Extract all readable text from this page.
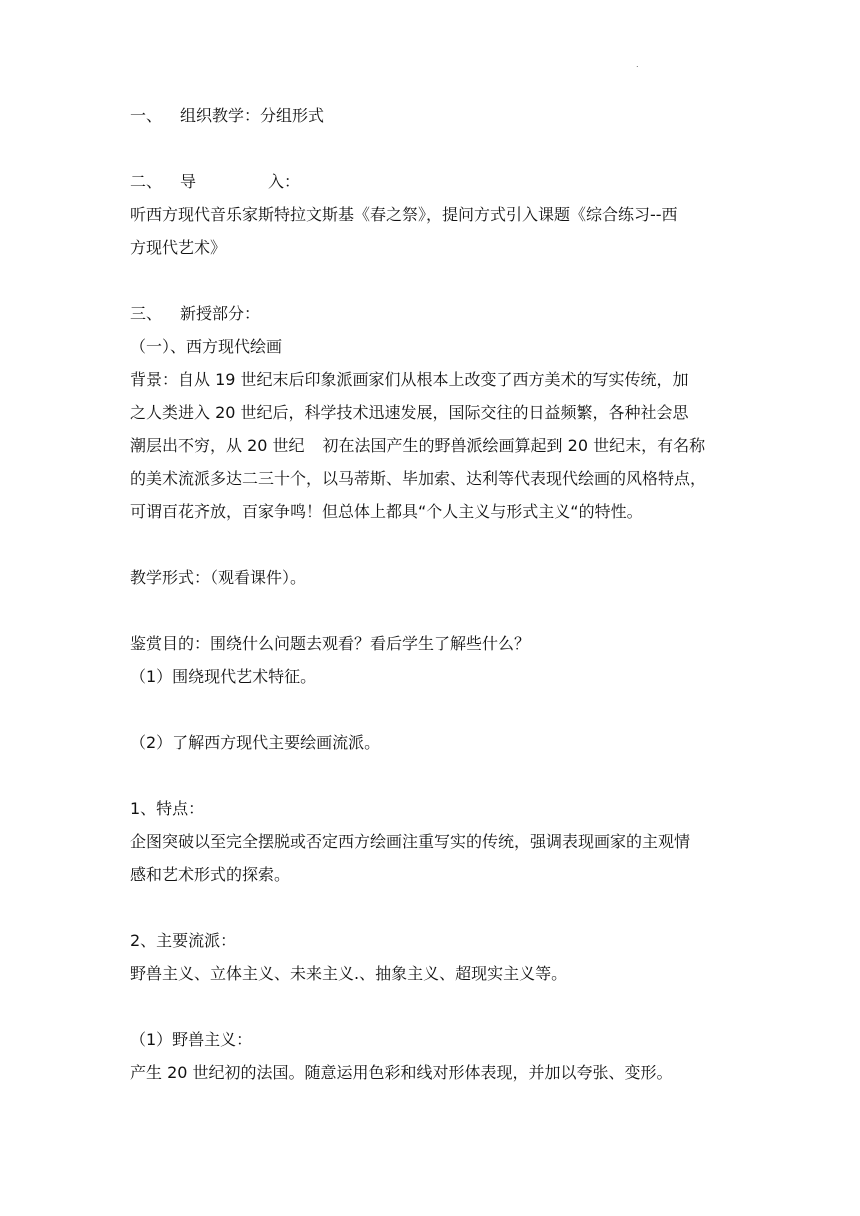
.
一、 组织教学：分组形式
二、 导	入：
听西方现代音乐家斯特拉文斯基《春之祭》，提问方式引入课题《综合练习--西
方现代艺术》
三、 新授部分：
（一）、西方现代绘画
背景：自从 19 世纪末后印象派画家们从根本上改变了西方美术的写实传统，加
之人类进入 20 世纪后，科学技术迅速发展，国际交往的日益频繁，各种社会思
潮层出不穷，从 20 世纪 初在法国产生的野兽派绘画算起到 20 世纪末，有名称
的美术流派多达二三十个，以马蒂斯、毕加索、达利等代表现代绘画的风格特点，
可谓百花齐放，百家争鸣！但总体上都具“个人主义与形式主义“的特性。
教学形式：（观看课件）。
鉴赏目的：围绕什么问题去观看？看后学生了解些什么？
（1）围绕现代艺术特征。
（2）了解西方现代主要绘画流派。
1、特点：
企图突破以至完全摆脱或否定西方绘画注重写实的传统，强调表现画家的主观情
感和艺术形式的探索。
2、主要流派：
野兽主义、立体主义、未来主义.、抽象主义、超现实主义等。
（1）野兽主义：
产生 20 世纪初的法国。随意运用色彩和线对形体表现，并加以夸张、变形。
